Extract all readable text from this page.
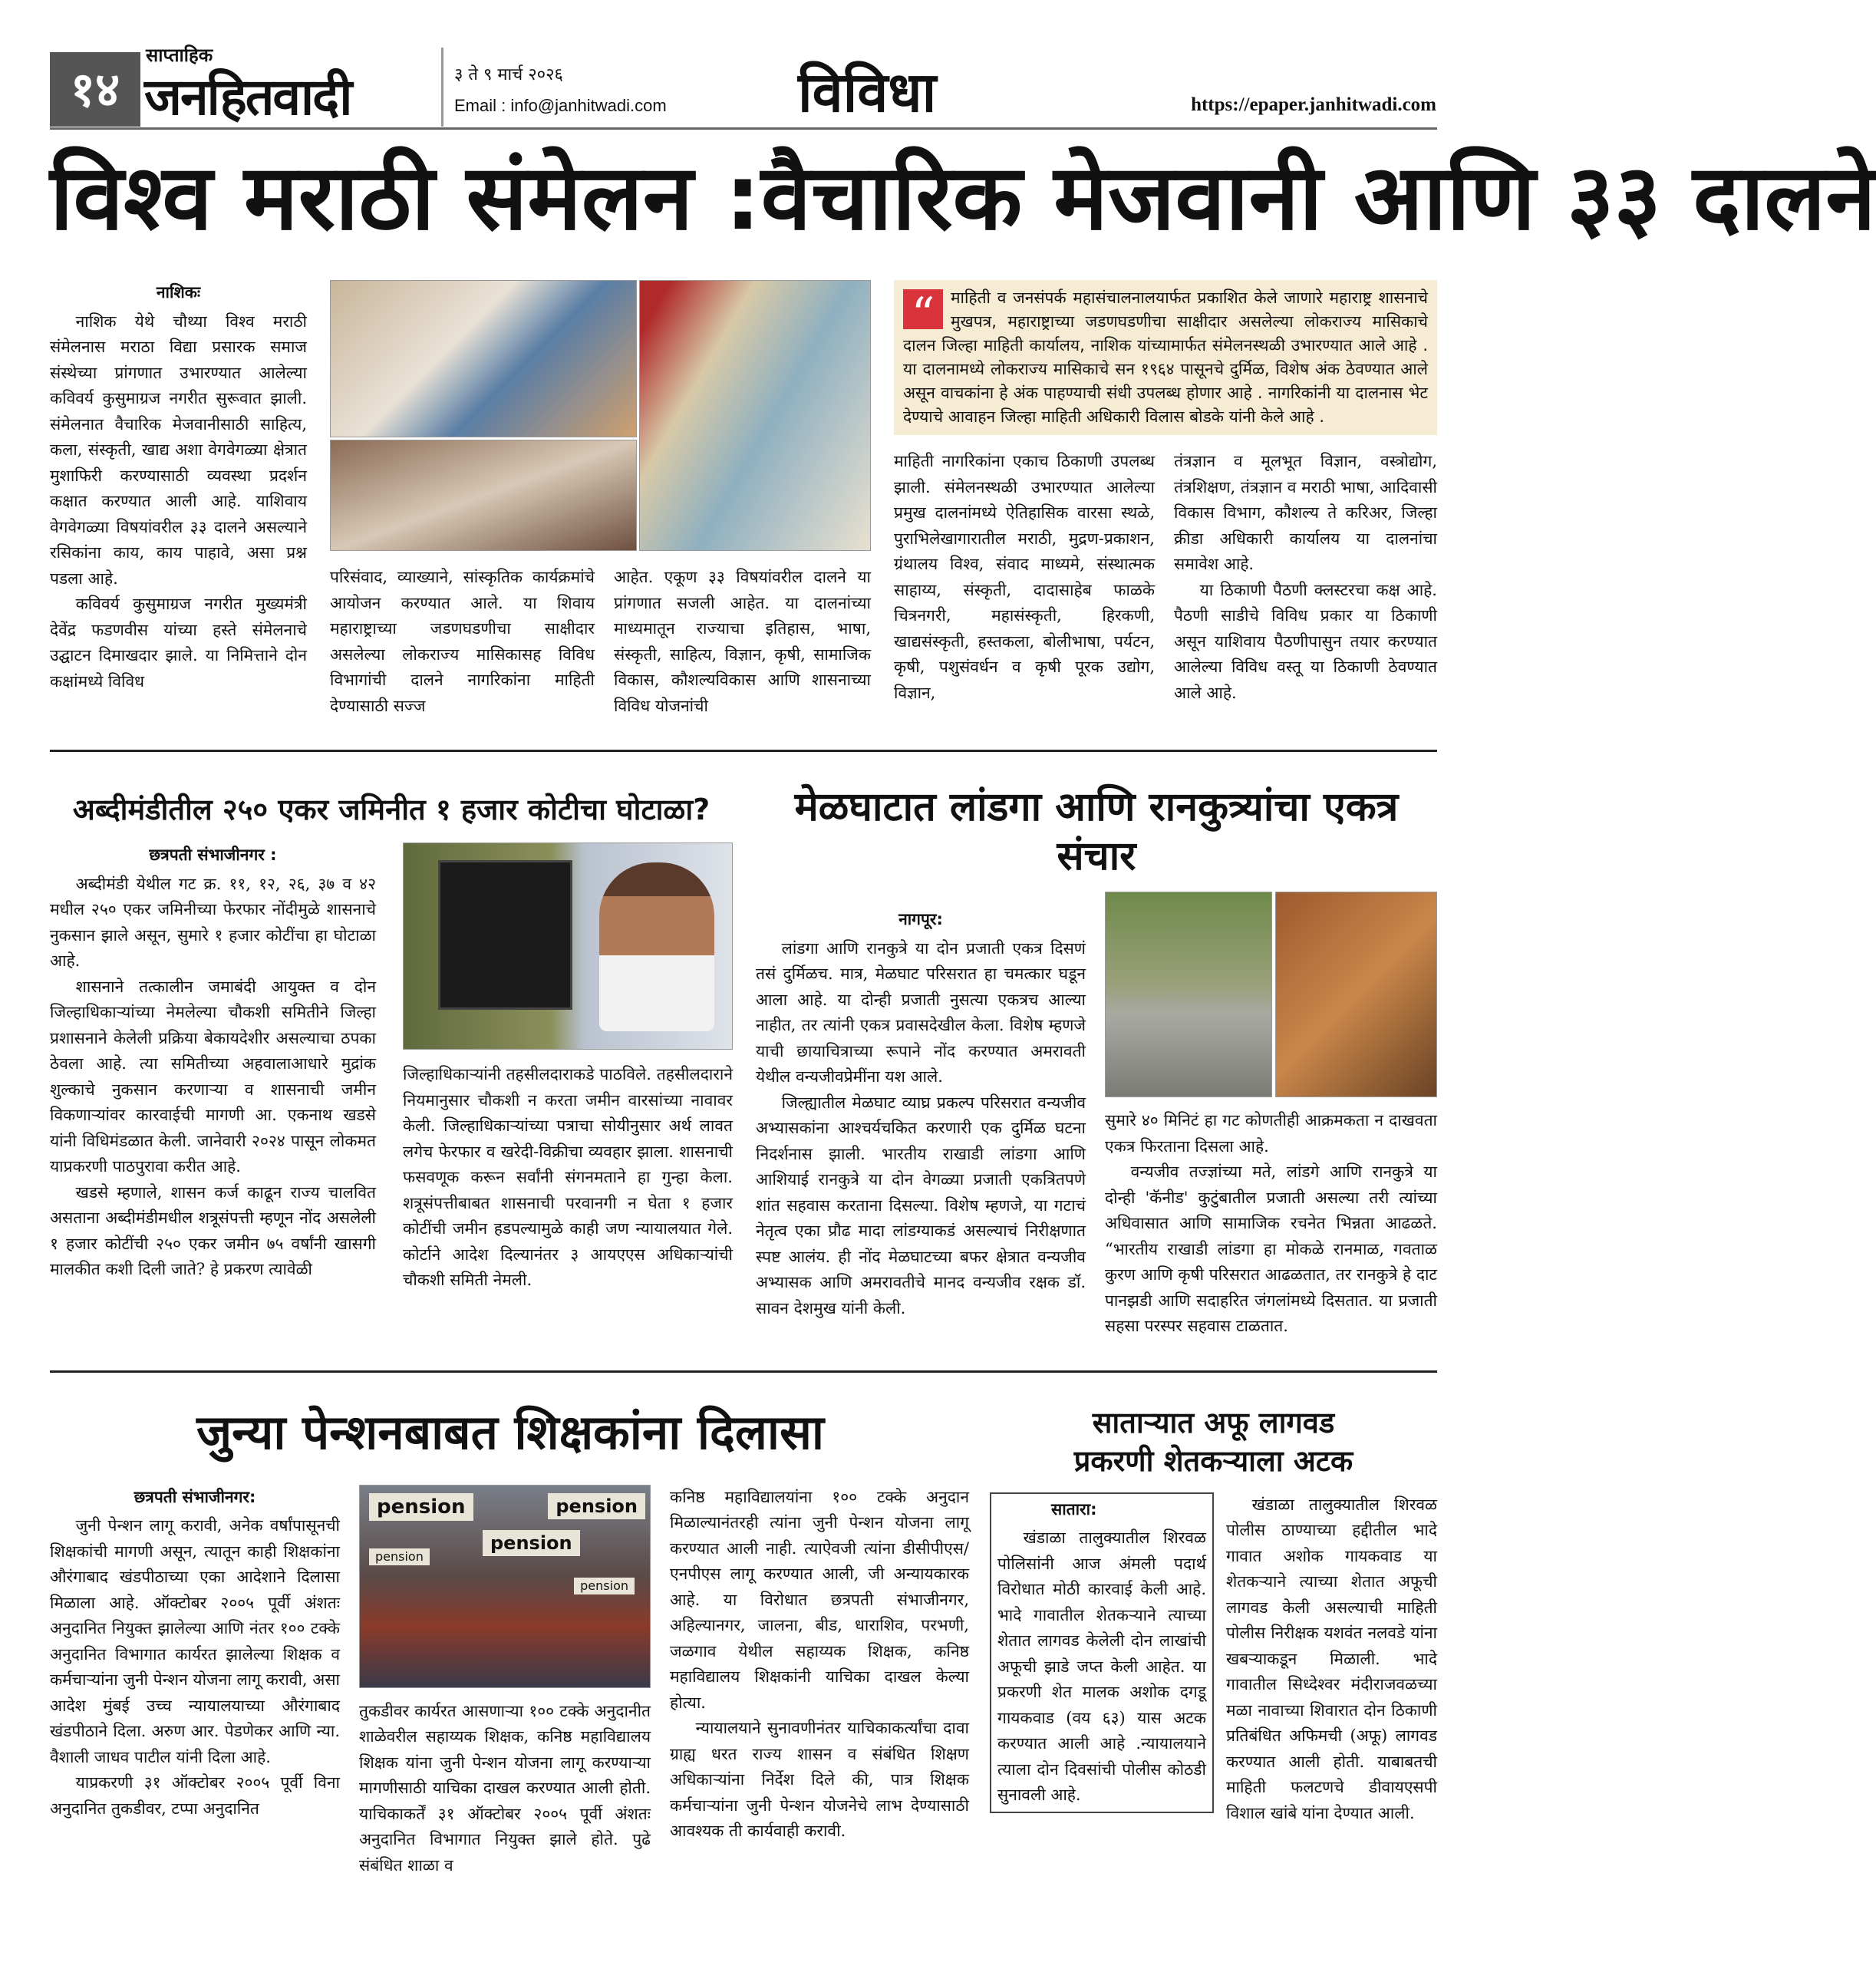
१४
साप्ताहिक
जनहितवादी	३ ते ९ मार्च २०२६
Email : info@janhitwadi.com विविधा	https://epaper.janhitwadi.com
विश्व मराठी संमेलन :वैचारिक मेजवानी आणि ३३ दालने
नाशिकः

नाशिक येथे चौथ्या विश्व मराठी संमेलनास मराठा विद्या प्रसारक समाज संस्थेच्या प्रांगणात उभारण्यात आलेल्या कविवर्य कुसुमाग्रज नगरीत सुरूवात झाली. संमेलनात वैचारिक मेजवानीसाठी साहित्य, कला, संस्कृती, खाद्य अशा वेगवेगळ्या क्षेत्रात मुशाफिरी करण्यासाठी व्यवस्था प्रदर्शन कक्षात करण्यात आली आहे. याशिवाय वेगवेगळ्या विषयांवरील ३३ दालने असल्याने रसिकांना काय, काय पाहावे, असा प्रश्न पडला आहे.

कविवर्य कुसुमाग्रज नगरीत मुख्यमंत्री देवेंद्र फडणवीस यांच्या हस्ते संमेलनाचे उद्घाटन दिमाखदार झाले. या निमित्ताने दोन कक्षांमध्ये विविध

परिसंवाद, व्याख्याने, सांस्कृतिक कार्यक्रमांचे आयोजन करण्यात आले. या शिवाय महाराष्ट्राच्या जडणघडणीचा साक्षीदार असलेल्या लोकराज्य मासिकासह विविध विभागांची दालने नागरिकांना माहिती देण्यासाठी सज्ज

आहेत. एकूण ३३ विषयांवरील दालने या प्रांगणात सजली आहेत. या दालनांच्या माध्यमातून राज्याचा इतिहास, भाषा, संस्कृती, साहित्य, विज्ञान, कृषी, सामाजिक विकास, कौशल्यविकास आणि शासनाच्या विविध योजनांची

“ माहिती व जनसंपर्क महासंचालनालयार्फत प्रकाशित केले जाणारे महाराष्ट्र शासनाचे मुखपत्र, महाराष्ट्राच्या जडणघडणीचा साक्षीदार असलेल्या लोकराज्य मासिकाचे दालन जिल्हा माहिती कार्यालय, नाशिक यांच्यामार्फत संमेलनस्थळी उभारण्यात आले आहे . या दालनामध्ये लोकराज्य मासिकाचे सन १९६४ पासूनचे दुर्मिळ, विशेष अंक ठेवण्यात आले असून वाचकांना हे अंक पाहण्याची संधी उपलब्ध होणार आहे . नागरिकांनी या दालनास भेट देण्याचे आवाहन जिल्हा माहिती अधिकारी विलास बोडके यांनी केले आहे .

माहिती नागरिकांना एकाच ठिकाणी उपलब्ध झाली. संमेलनस्थळी उभारण्यात आलेल्या प्रमुख दालनांमध्ये ऐतिहासिक वारसा स्थळे, पुराभिलेखागारातील मराठी, मुद्रण-प्रकाशन, ग्रंथालय विश्व, संवाद माध्यमे, संस्थात्मक साहाय्य, संस्कृती, दादासाहेब फाळके चित्रनगरी, महासंस्कृती, हिरकणी, खाद्यसंस्कृती, हस्तकला, बोलीभाषा, पर्यटन, कृषी, पशुसंवर्धन व कृषी पूरक उद्योग, विज्ञान,

तंत्रज्ञान व मूलभूत विज्ञान, वस्त्रोद्योग, तंत्रशिक्षण, तंत्रज्ञान व मराठी भाषा, आदिवासी विकास विभाग, कौशल्य ते करिअर, जिल्हा क्रीडा अधिकारी कार्यालय या दालनांचा समावेश आहे.

या ठिकाणी पैठणी क्लस्टरचा कक्ष आहे. पैठणी साडीचे विविध प्रकार या ठिकाणी असून याशिवाय पैठणीपासुन तयार करण्यात आलेल्या विविध वस्तू या ठिकाणी ठेवण्यात आले आहे.

अब्दीमंडीतील २५० एकर जमिनीत १ हजार कोटीचा घोटाळा?
छत्रपती संभाजीनगर :

अब्दीमंडी येथील गट क्र. ११, १२, २६, ३७ व ४२ मधील २५० एकर जमिनीच्या फेरफार नोंदीमुळे शासनाचे नुकसान झाले असून, सुमारे १ हजार कोटींचा हा घोटाळा आहे.

शासनाने तत्कालीन जमाबंदी आयुक्त व दोन जिल्हाधिकाऱ्यांच्या नेमलेल्या चौकशी समितीने जिल्हा प्रशासनाने केलेली प्रक्रिया बेकायदेशीर असल्याचा ठपका ठेवला आहे. त्या समितीच्या अहवालाआधारे मुद्रांक शुल्काचे नुकसान करणाऱ्या व शासनाची जमीन विकणाऱ्यांवर कारवाईची मागणी आ. एकनाथ खडसे यांनी विधिमंडळात केली. जानेवारी २०२४ पासून लोकमत याप्रकरणी पाठपुरावा करीत आहे.

खडसे म्हणाले, शासन कर्ज काढून राज्य चालवित असताना अब्दीमंडीमधील शत्रूसंपत्ती म्हणून नोंद असलेली १ हजार कोटींची २५० एकर जमीन ७५ वर्षांनी खासगी मालकीत कशी दिली जाते? हे प्रकरण त्यावेळी

जिल्हाधिकाऱ्यांनी तहसीलदाराकडे पाठविले. तहसीलदाराने नियमानुसार चौकशी न करता जमीन वारसांच्या नावावर केली. जिल्हाधिकाऱ्यांच्या पत्राचा सोयीनुसार अर्थ लावत लगेच फेरफार व खरेदी-विक्रीचा व्यवहार झाला. शासनाची फसवणूक करून सर्वांनी संगनमताने हा गुन्हा केला. शत्रूसंपत्तीबाबत शासनाची परवानगी न घेता १ हजार कोटींची जमीन हडपल्यामुळे काही जण न्यायालयात गेले. कोर्टाने आदेश दिल्यानंतर ३ आयएएस अधिकाऱ्यांची चौकशी समिती नेमली.

मेळघाटात लांडगा आणि रानकुत्र्यांचा एकत्र संचार
नागपूर:

लांडगा आणि रानकुत्रे या दोन प्रजाती एकत्र दिसणं तसं दुर्मिळच. मात्र, मेळघाट परिसरात हा चमत्कार घडून आला आहे. या दोन्ही प्रजाती नुसत्या एकत्रच आल्या नाहीत, तर त्यांनी एकत्र प्रवासदेखील केला. विशेष म्हणजे याची छायाचित्राच्या रूपाने नोंद करण्यात अमरावती येथील वन्यजीवप्रेमींना यश आले.

जिल्ह्यातील मेळघाट व्याघ्र प्रकल्प परिसरात वन्यजीव अभ्यासकांना आश्चर्यचकित करणारी एक दुर्मिळ घटना निदर्शनास झाली. भारतीय राखाडी लांडगा आणि आशियाई रानकुत्रे या दोन वेगळ्या प्रजाती एकत्रितपणे शांत सहवास करताना दिसल्या. विशेष म्हणजे, या गटाचं नेतृत्व एका प्रौढ मादा लांडग्याकडं असल्याचं निरीक्षणात स्पष्ट आलंय. ही नोंद मेळघाटच्या बफर क्षेत्रात वन्यजीव अभ्यासक आणि अमरावतीचे मानद वन्यजीव रक्षक डॉ. सावन देशमुख यांनी केली.

सुमारे ४० मिनिटं हा गट कोणतीही आक्रमकता न दाखवता एकत्र फिरताना दिसला आहे.

वन्यजीव तज्ज्ञांच्या मते, लांडगे आणि रानकुत्रे या दोन्ही 'कॅनीड' कुटुंबातील प्रजाती असल्या तरी त्यांच्या अधिवासात आणि सामाजिक रचनेत भिन्नता आढळते. “भारतीय राखाडी लांडगा हा मोकळे रानमाळ, गवताळ कुरण आणि कृषी परिसरात आढळतात, तर रानकुत्रे हे दाट पानझडी आणि सदाहरित जंगलांमध्ये दिसतात. या प्रजाती सहसा परस्पर सहवास टाळतात.

जुन्या पेन्शनबाबत शिक्षकांना दिलासा
छत्रपती संभाजीनगर:

जुनी पेन्शन लागू करावी, अनेक वर्षांपासूनची शिक्षकांची मागणी असून, त्यातून काही शिक्षकांना औरंगाबाद खंडपीठाच्या एका आदेशाने दिलासा मिळाला आहे. ऑक्टोबर २००५ पूर्वी अंशतः अनुदानित नियुक्त झालेल्या आणि नंतर १०० टक्के अनुदानित विभागात कार्यरत झालेल्या शिक्षक व कर्मचाऱ्यांना जुनी पेन्शन योजना लागू करावी, असा आदेश मुंबई उच्च न्यायालयाच्या औरंगाबाद खंडपीठाने दिला. अरुण आर. पेडणेकर आणि न्या. वैशाली जाधव पाटील यांनी दिला आहे.

याप्रकरणी ३१ ऑक्टोबर २००५ पूर्वी विना अनुदानित तुकडीवर, टप्पा अनुदानित

pension
pension
pension
pension
pension

तुकडीवर कार्यरत आसणाऱ्या १०० टक्के अनुदानीत शाळेवरील सहाय्यक शिक्षक, कनिष्ठ महाविद्यालय शिक्षक यांना जुनी पेन्शन योजना लागू करण्याऱ्या मागणीसाठी याचिका दाखल करण्यात आली होती. याचिकाकर्तें ३१ ऑक्टोबर २००५ पूर्वी अंशतः अनुदानित विभागात नियुक्त झाले होते. पुढे संबंधित शाळा व

कनिष्ठ महाविद्यालयांना १०० टक्के अनुदान मिळाल्यानंतरही त्यांना जुनी पेन्शन योजना लागू करण्यात आली नाही. त्याऐवजी त्यांना डीसीपीएस/एनपीएस लागू करण्यात आली, जी अन्यायकारक आहे. या विरोधात छत्रपती संभाजीनगर, अहिल्यानगर, जालना, बीड, धाराशिव, परभणी, जळगाव येथील सहाय्यक शिक्षक, कनिष्ठ महाविद्यालय शिक्षकांनी याचिका दाखल केल्या होत्या.

न्यायालयाने सुनावणीनंतर याचिकाकर्त्यांचा दावा ग्राह्य धरत राज्य शासन व संबंधित शिक्षण अधिकाऱ्यांना निर्देश दिले की, पात्र शिक्षक कर्मचाऱ्यांना जुनी पेन्शन योजनेचे लाभ देण्यासाठी आवश्यक ती कार्यवाही करावी.

साताऱ्यात अफू लागवड
प्रकरणी शेतकऱ्याला अटक
सातारा:

खंडाळा तालुक्यातील शिरवळ पोलिसांनी आज अंमली पदार्थ विरोधात मोठी कारवाई केली आहे. भादे गावातील शेतकऱ्याने त्याच्या शेतात लागवड केलेली दोन लाखांची अफूची झाडे जप्त केली आहेत. या प्रकरणी शेत मालक अशोक दगडू गायकवाड (वय ६३) यास अटक करण्यात आली आहे .न्यायालयाने त्याला दोन दिवसांची पोलीस कोठडी सुनावली आहे.

खंडाळा तालुक्यातील शिरवळ पोलीस ठाण्याच्या हद्दीतील भादे गावात अशोक गायकवाड या शेतकऱ्याने त्याच्या शेतात अफूची लागवड केली असल्याची माहिती पोलीस निरीक्षक यशवंत नलवडे यांना खबऱ्याकडून मिळाली. भादे गावातील सिध्देश्वर मंदीराजवळच्या मळा नावाच्या शिवारात दोन ठिकाणी प्रतिबंधित अफिमची (अफू) लागवड करण्यात आली होती. याबाबतची माहिती फलटणचे डीवायएसपी विशाल खांबे यांना देण्यात आली.
